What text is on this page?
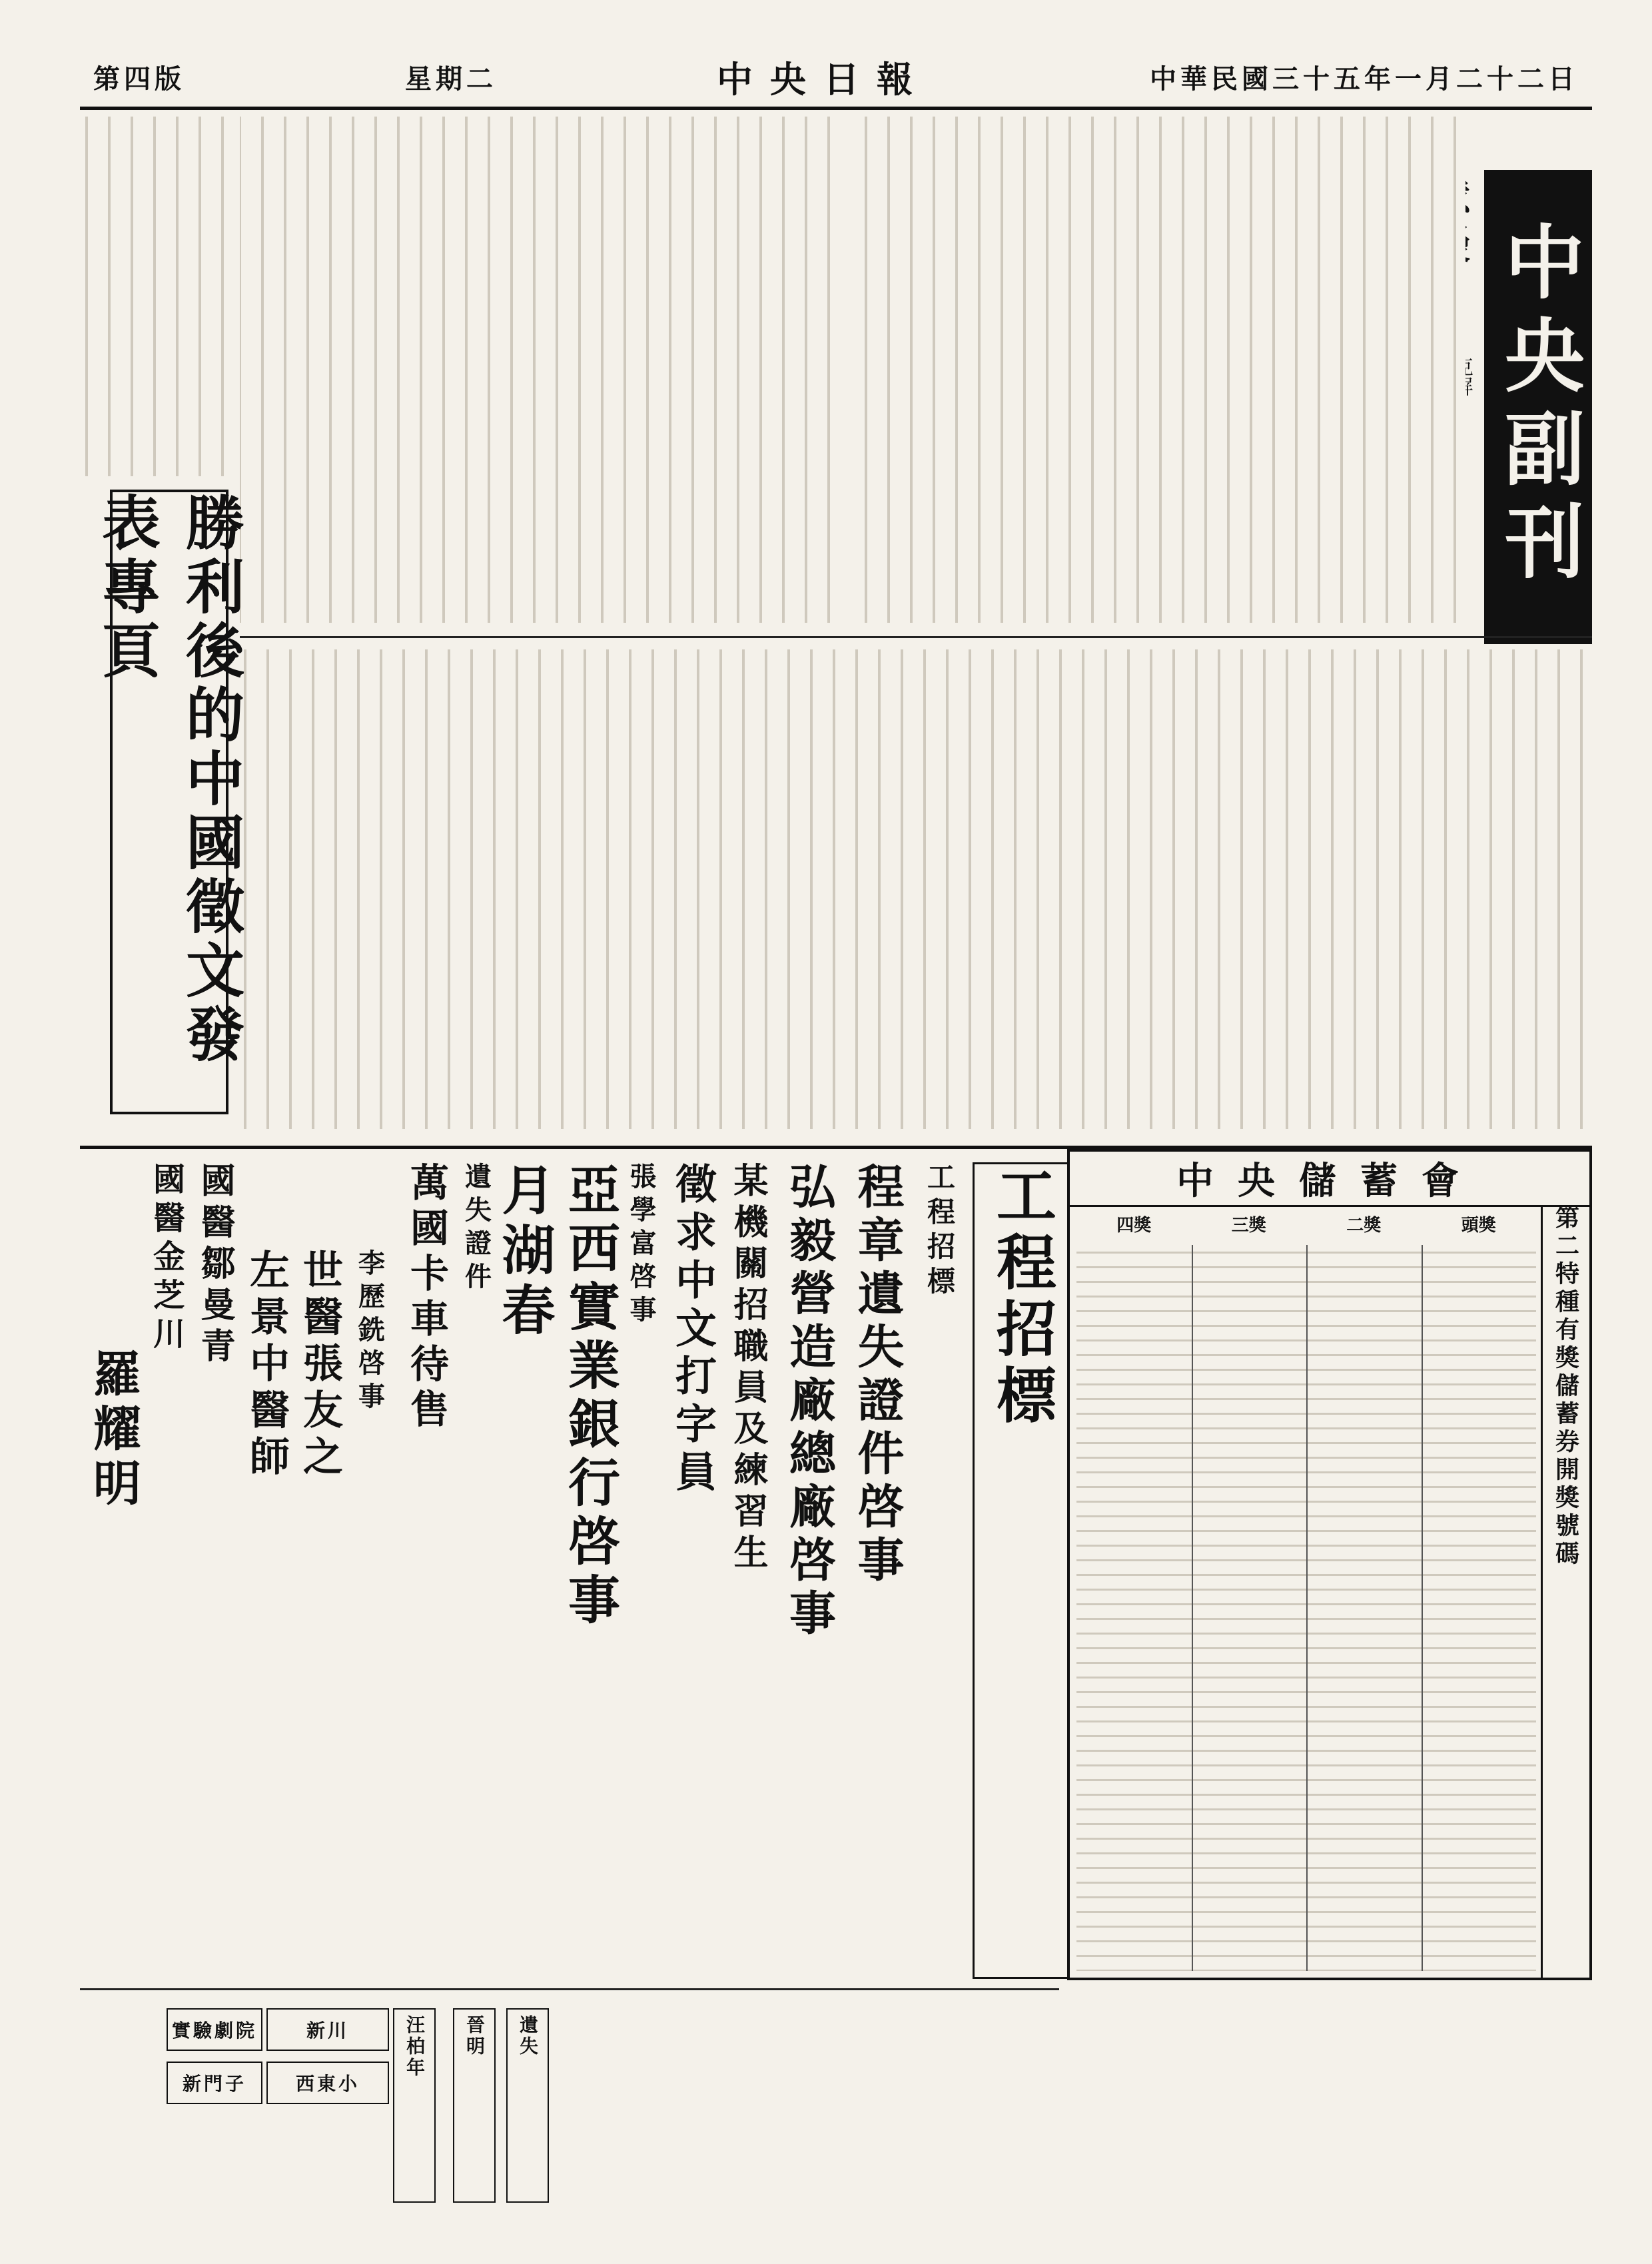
第四版	星期二	中央日報	中華民國三十五年一月二十二日
中央副刊
勝利後的中國徵文發表專頁
中央儲蓄會
第二特種有獎儲蓄券開獎號碼
四獎	三獎	二獎	頭獎
工程招標
工程招標
程章遺失證件啓事
弘毅營造廠總廠啓事
某機關招職員及練習生
徵求中文打字員
張學富啓事
亞西實業銀行啓事
月湖春
萬國卡車待售 遺失證件
李歷銑啓事
世醫張友之
左景中醫師
國醫鄒曼青
國醫金芝川
羅耀明
汪柏年
新川
西東小
實驗劇院
新門子
晉明 遺失
